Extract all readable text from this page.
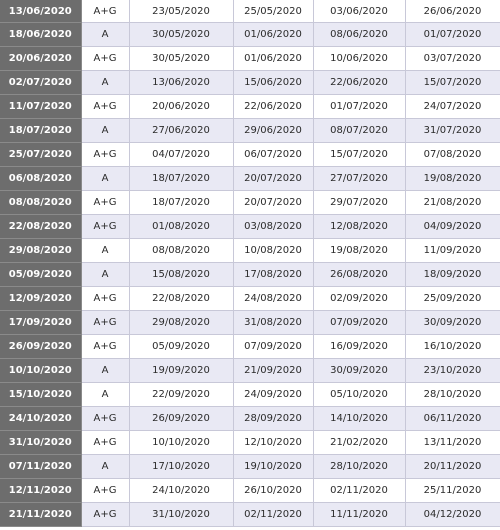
13/06/2020	A+G	23/05/2020	25/05/2020	03/06/2020	26/06/2020
18/06/2020	A	30/05/2020	01/06/2020	08/06/2020	01/07/2020
20/06/2020	A+G	30/05/2020	01/06/2020	10/06/2020	03/07/2020
02/07/2020	A	13/06/2020	15/06/2020	22/06/2020	15/07/2020
11/07/2020	A+G	20/06/2020	22/06/2020	01/07/2020	24/07/2020
18/07/2020	A	27/06/2020	29/06/2020	08/07/2020	31/07/2020
25/07/2020	A+G	04/07/2020	06/07/2020	15/07/2020	07/08/2020
06/08/2020	A	18/07/2020	20/07/2020	27/07/2020	19/08/2020
08/08/2020	A+G	18/07/2020	20/07/2020	29/07/2020	21/08/2020
22/08/2020	A+G	01/08/2020	03/08/2020	12/08/2020	04/09/2020
29/08/2020	A	08/08/2020	10/08/2020	19/08/2020	11/09/2020
05/09/2020	A	15/08/2020	17/08/2020	26/08/2020	18/09/2020
12/09/2020	A+G	22/08/2020	24/08/2020	02/09/2020	25/09/2020
17/09/2020	A+G	29/08/2020	31/08/2020	07/09/2020	30/09/2020
26/09/2020	A+G	05/09/2020	07/09/2020	16/09/2020	16/10/2020
10/10/2020	A	19/09/2020	21/09/2020	30/09/2020	23/10/2020
15/10/2020	A	22/09/2020	24/09/2020	05/10/2020	28/10/2020
24/10/2020	A+G	26/09/2020	28/09/2020	14/10/2020	06/11/2020
31/10/2020	A+G	10/10/2020	12/10/2020	21/02/2020	13/11/2020
07/11/2020	A	17/10/2020	19/10/2020	28/10/2020	20/11/2020
12/11/2020	A+G	24/10/2020	26/10/2020	02/11/2020	25/11/2020
21/11/2020	A+G	31/10/2020	02/11/2020	11/11/2020	04/12/2020
